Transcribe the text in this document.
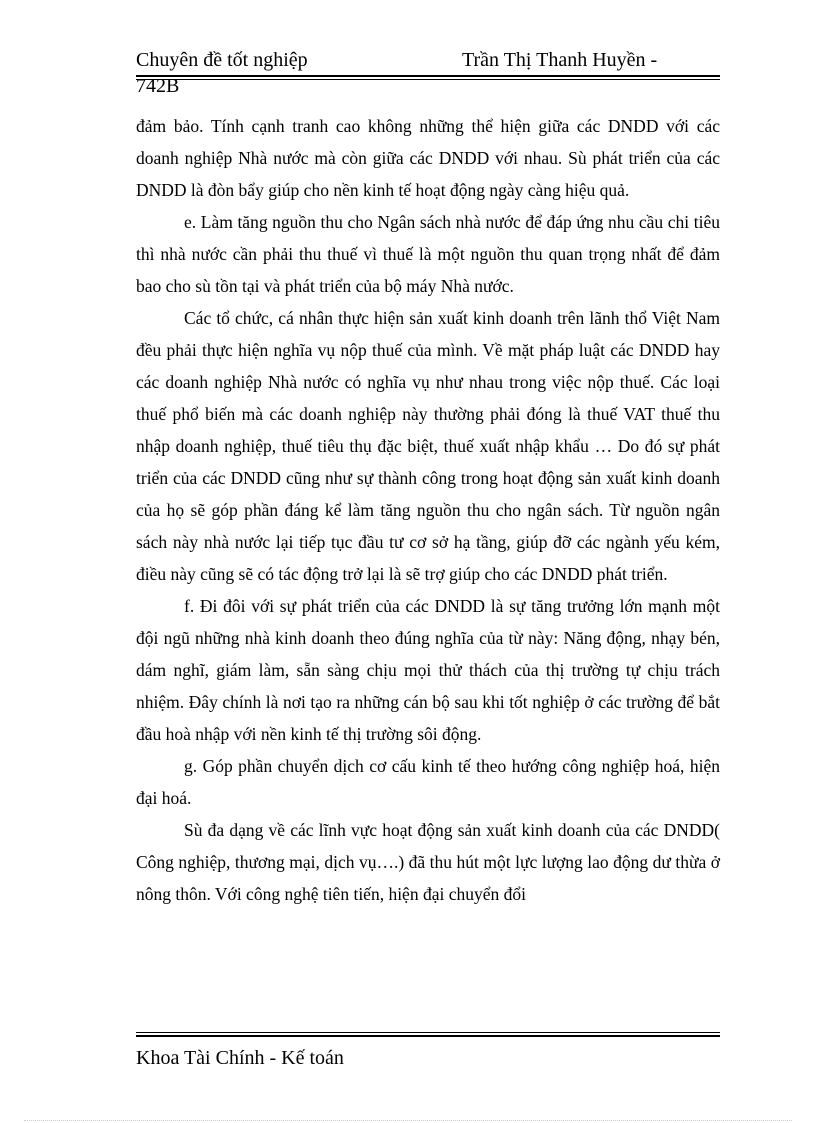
Chuyên đề tốt nghiệp	Trần Thị Thanh Huyền -
742B

đảm bảo. Tính cạnh tranh cao không những thể hiện giữa các DNDD với các doanh nghiệp Nhà nước mà còn giữa các DNDD với nhau. Sù phát triển của các DNDD là đòn bẩy giúp cho nền kinh tế hoạt động ngày càng hiệu quả.

e. Làm tăng nguồn thu cho Ngân sách nhà nước để đáp ứng nhu cầu chi tiêu thì nhà nước cần phải thu thuế vì thuế là một nguồn thu quan trọng nhất để đảm bao cho sù tồn tại và phát triển của bộ máy Nhà nước.

Các tổ chức, cá nhân thực hiện sản xuất kinh doanh trên lãnh thổ Việt Nam đều phải thực hiện nghĩa vụ nộp thuế của mình. Về mặt pháp luật các DNDD hay các doanh nghiệp Nhà nước có nghĩa vụ như nhau trong việc nộp thuế. Các loại thuế phổ biến mà các doanh nghiệp này thường phải đóng là thuế VAT thuế thu nhập doanh nghiệp, thuế tiêu thụ đặc biệt, thuế xuất nhập khẩu … Do đó sự phát triển của các DNDD cũng như sự thành công trong hoạt động sản xuất kinh doanh của họ sẽ góp phần đáng kể làm tăng nguồn thu cho ngân sách. Từ nguồn ngân sách này nhà nước lại tiếp tục đầu tư cơ sở hạ tầng, giúp đỡ các ngành yếu kém, điều này cũng sẽ có tác động trở lại là sẽ trợ giúp cho các DNDD phát triển.

f. Đi đôi với sự phát triển của các DNDD là sự tăng trưởng lớn mạnh một đội ngũ những nhà kinh doanh theo đúng nghĩa của từ này: Năng động, nhạy bén, dám nghĩ, giám làm, sẵn sàng chịu mọi thử thách của thị trường tự chịu trách nhiệm. Đây chính là nơi tạo ra những cán bộ sau khi tốt nghiệp ở các trường để bắt đầu hoà nhập với nền kinh tế thị trường sôi động.

g. Góp phần chuyển dịch cơ cấu kinh tế theo hướng công nghiệp hoá, hiện đại hoá.

Sù đa dạng về các lĩnh vực hoạt động sản xuất kinh doanh của các DNDD( Công nghiệp, thương mại, dịch vụ….) đã thu hút một lực lượng lao động dư thừa ở nông thôn. Với công nghệ tiên tiến, hiện đại chuyển đổi

Khoa Tài Chính - Kế toán
